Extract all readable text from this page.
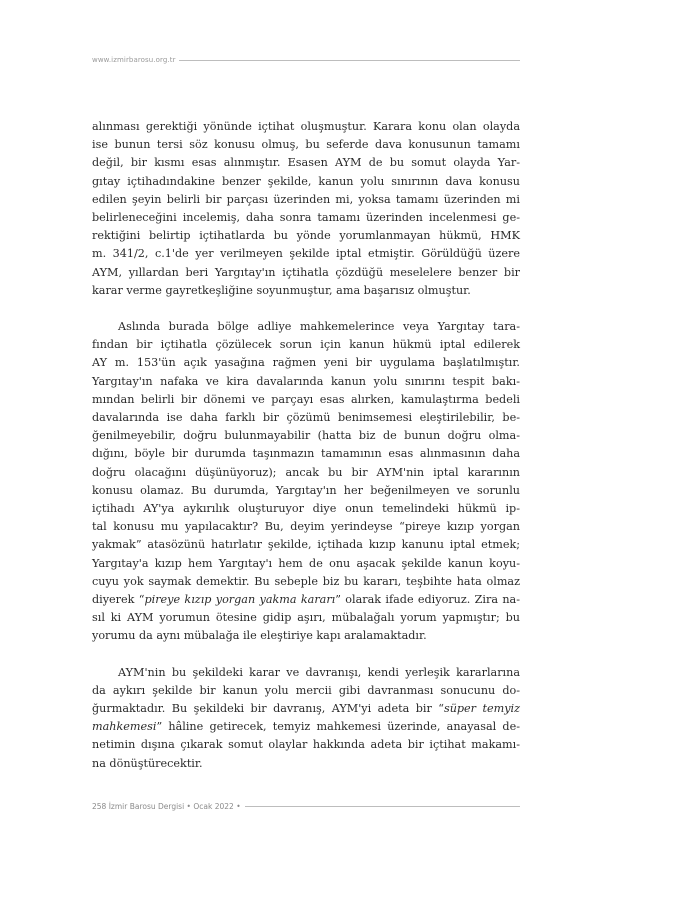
www.izmirbarosu.org.tr
alınması gerektiği yönünde içtihat oluşmuştur. Karara konu olan olayda
ise bunun tersi söz konusu olmuş, bu seferde dava konusunun tamamı
değil, bir kısmı esas alınmıştır. Esasen AYM de bu somut olayda Yar-
gıtay içtihadındakine benzer şekilde, kanun yolu sınırının dava konusu
edilen şeyin belirli bir parçası üzerinden mi, yoksa tamamı üzerinden mi
belirleneceğini incelemiş, daha sonra tamamı üzerinden incelenmesi ge-
rektiğini belirtip içtihatlarda bu yönde yorumlanmayan hükmü, HMK
m. 341/2, c.1'de yer verilmeyen şekilde iptal etmiştir. Görüldüğü üzere
AYM, yıllardan beri Yargıtay'ın içtihatla çözdüğü meselelere benzer bir
karar verme gayretkeşliğine soyunmuştur, ama başarısız olmuştur.
Aslında burada bölge adliye mahkemelerince veya Yargıtay tara-
fından bir içtihatla çözülecek sorun için kanun hükmü iptal edilerek
AY m. 153'ün açık yasağına rağmen yeni bir uygulama başlatılmıştır.
Yargıtay'ın nafaka ve kira davalarında kanun yolu sınırını tespit bakı-
mından belirli bir dönemi ve parçayı esas alırken, kamulaştırma bedeli
davalarında ise daha farklı bir çözümü benimsemesi eleştirilebilir, be-
ğenilmeyebilir, doğru bulunmayabilir (hatta biz de bunun doğru olma-
dığını, böyle bir durumda taşınmazın tamamının esas alınmasının daha
doğru olacağını düşünüyoruz); ancak bu bir AYM'nin iptal kararının
konusu olamaz. Bu durumda, Yargıtay'ın her beğenilmeyen ve sorunlu
içtihadı AY'ya aykırılık oluşturuyor diye onun temelindeki hükmü ip-
tal konusu mu yapılacaktır? Bu, deyim yerindeyse “pireye kızıp yorgan
yakmak” atasözünü hatırlatır şekilde, içtihada kızıp kanunu iptal etmek;
Yargıtay'a kızıp hem Yargıtay'ı hem de onu aşacak şekilde kanun koyu-
cuyu yok saymak demektir. Bu sebeple biz bu kararı, teşbihte hata olmaz
diyerek “pireye kızıp yorgan yakma kararı” olarak ifade ediyoruz. Zira na-
sıl ki AYM yorumun ötesine gidip aşırı, mübalağalı yorum yapmıştır; bu
yorumu da aynı mübalağa ile eleştiriye kapı aralamaktadır.
AYM'nin bu şekildeki karar ve davranışı, kendi yerleşik kararlarına
da aykırı şekilde bir kanun yolu mercii gibi davranması sonucunu do-
ğurmaktadır. Bu şekildeki bir davranış, AYM'yi adeta bir “süper temyiz
mahkemesi” hâline getirecek, temyiz mahkemesi üzerinde, anayasal de-
netimin dışına çıkarak somut olaylar hakkında adeta bir içtihat makamı-
na dönüştürecektir.
258 İzmir Barosu Dergisi • Ocak 2022 •
